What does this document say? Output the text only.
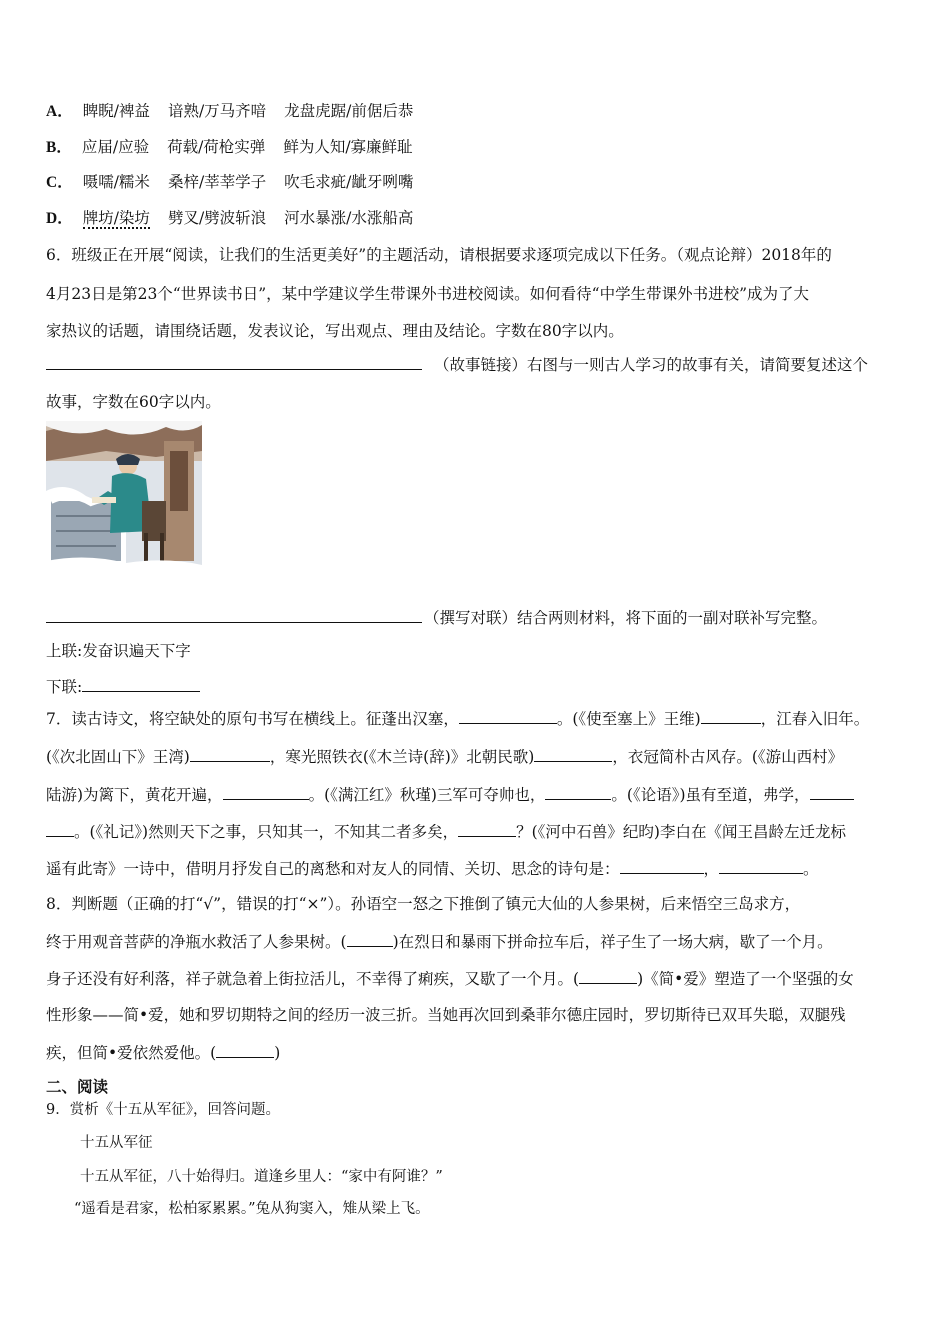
A． 睥睨/裨益 谙熟/万马齐喑 龙盘虎踞/前倨后恭
B． 应届/应验 荷载/荷枪实弹 鲜为人知/寡廉鲜耻
C． 嗫嚅/糯米 桑梓/莘莘学子 吹毛求疵/龇牙咧嘴
D． 牌坊/染坊 劈叉/劈波斩浪 河水暴涨/水涨船高
6．班级正在开展“阅读，让我们的生活更美好”的主题活动，请根据要求逐项完成以下任务。（观点论辩）2018年的
4月23日是第23个“世界读书日”，某中学建议学生带课外书进校阅读。如何看待“中学生带课外书进校”成为了大
家热议的话题，请围绕话题，发表议论，写出观点、理由及结论。字数在80字以内。
（故事链接）右图与一则古人学习的故事有关，请简要复述这个
故事，字数在60字以内。
（撰写对联）结合两则材料，将下面的一副对联补写完整。
上联:发奋识遍天下字
下联:
7．读古诗文，将空缺处的原句书写在横线上。征蓬出汉塞，	。(《使至塞上》王维)	，江春入旧年。
(《次北固山下》王湾)	，寒光照铁衣(《木兰诗(辞)》北朝民歌)	，衣冠简朴古风存。(《游山西村》
陆游)为篱下，黄花开遍，	。(《满江红》秋瑾)三军可夺帅也，	。(《论语》)虽有至道，弗学，
。(《礼记》)然则天下之事，只知其一，不知其二者多矣，	？(《河中石兽》纪昀)李白在《闻王昌龄左迁龙标
遥有此寄》一诗中，借明月抒发自己的离愁和对友人的同情、关切、思念的诗句是：	，	。
8．判断题（正确的打“√”，错误的打“×”）。孙语空一怒之下推倒了镇元大仙的人参果树，后来悟空三岛求方，
终于用观音菩萨的净瓶水救活了人参果树。(	)在烈日和暴雨下拼命拉车后，祥子生了一场大病，歇了一个月。
身子还没有好利落，祥子就急着上街拉活儿，不幸得了痢疾，又歇了一个月。(	)《简•爱》塑造了一个坚强的女
性形象——简•爱，她和罗切期特之间的经历一波三折。当她再次回到桑菲尔德庄园时，罗切斯待已双耳失聪，双腿残
疾，但简•爱依然爱他。(	)
二、阅读
9．赏析《十五从军征》，回答问题。
十五从军征
十五从军征，八十始得归。道逢乡里人：“家中有阿谁？”
“遥看是君家，松柏冢累累。”兔从狗窦入，雉从梁上飞。
